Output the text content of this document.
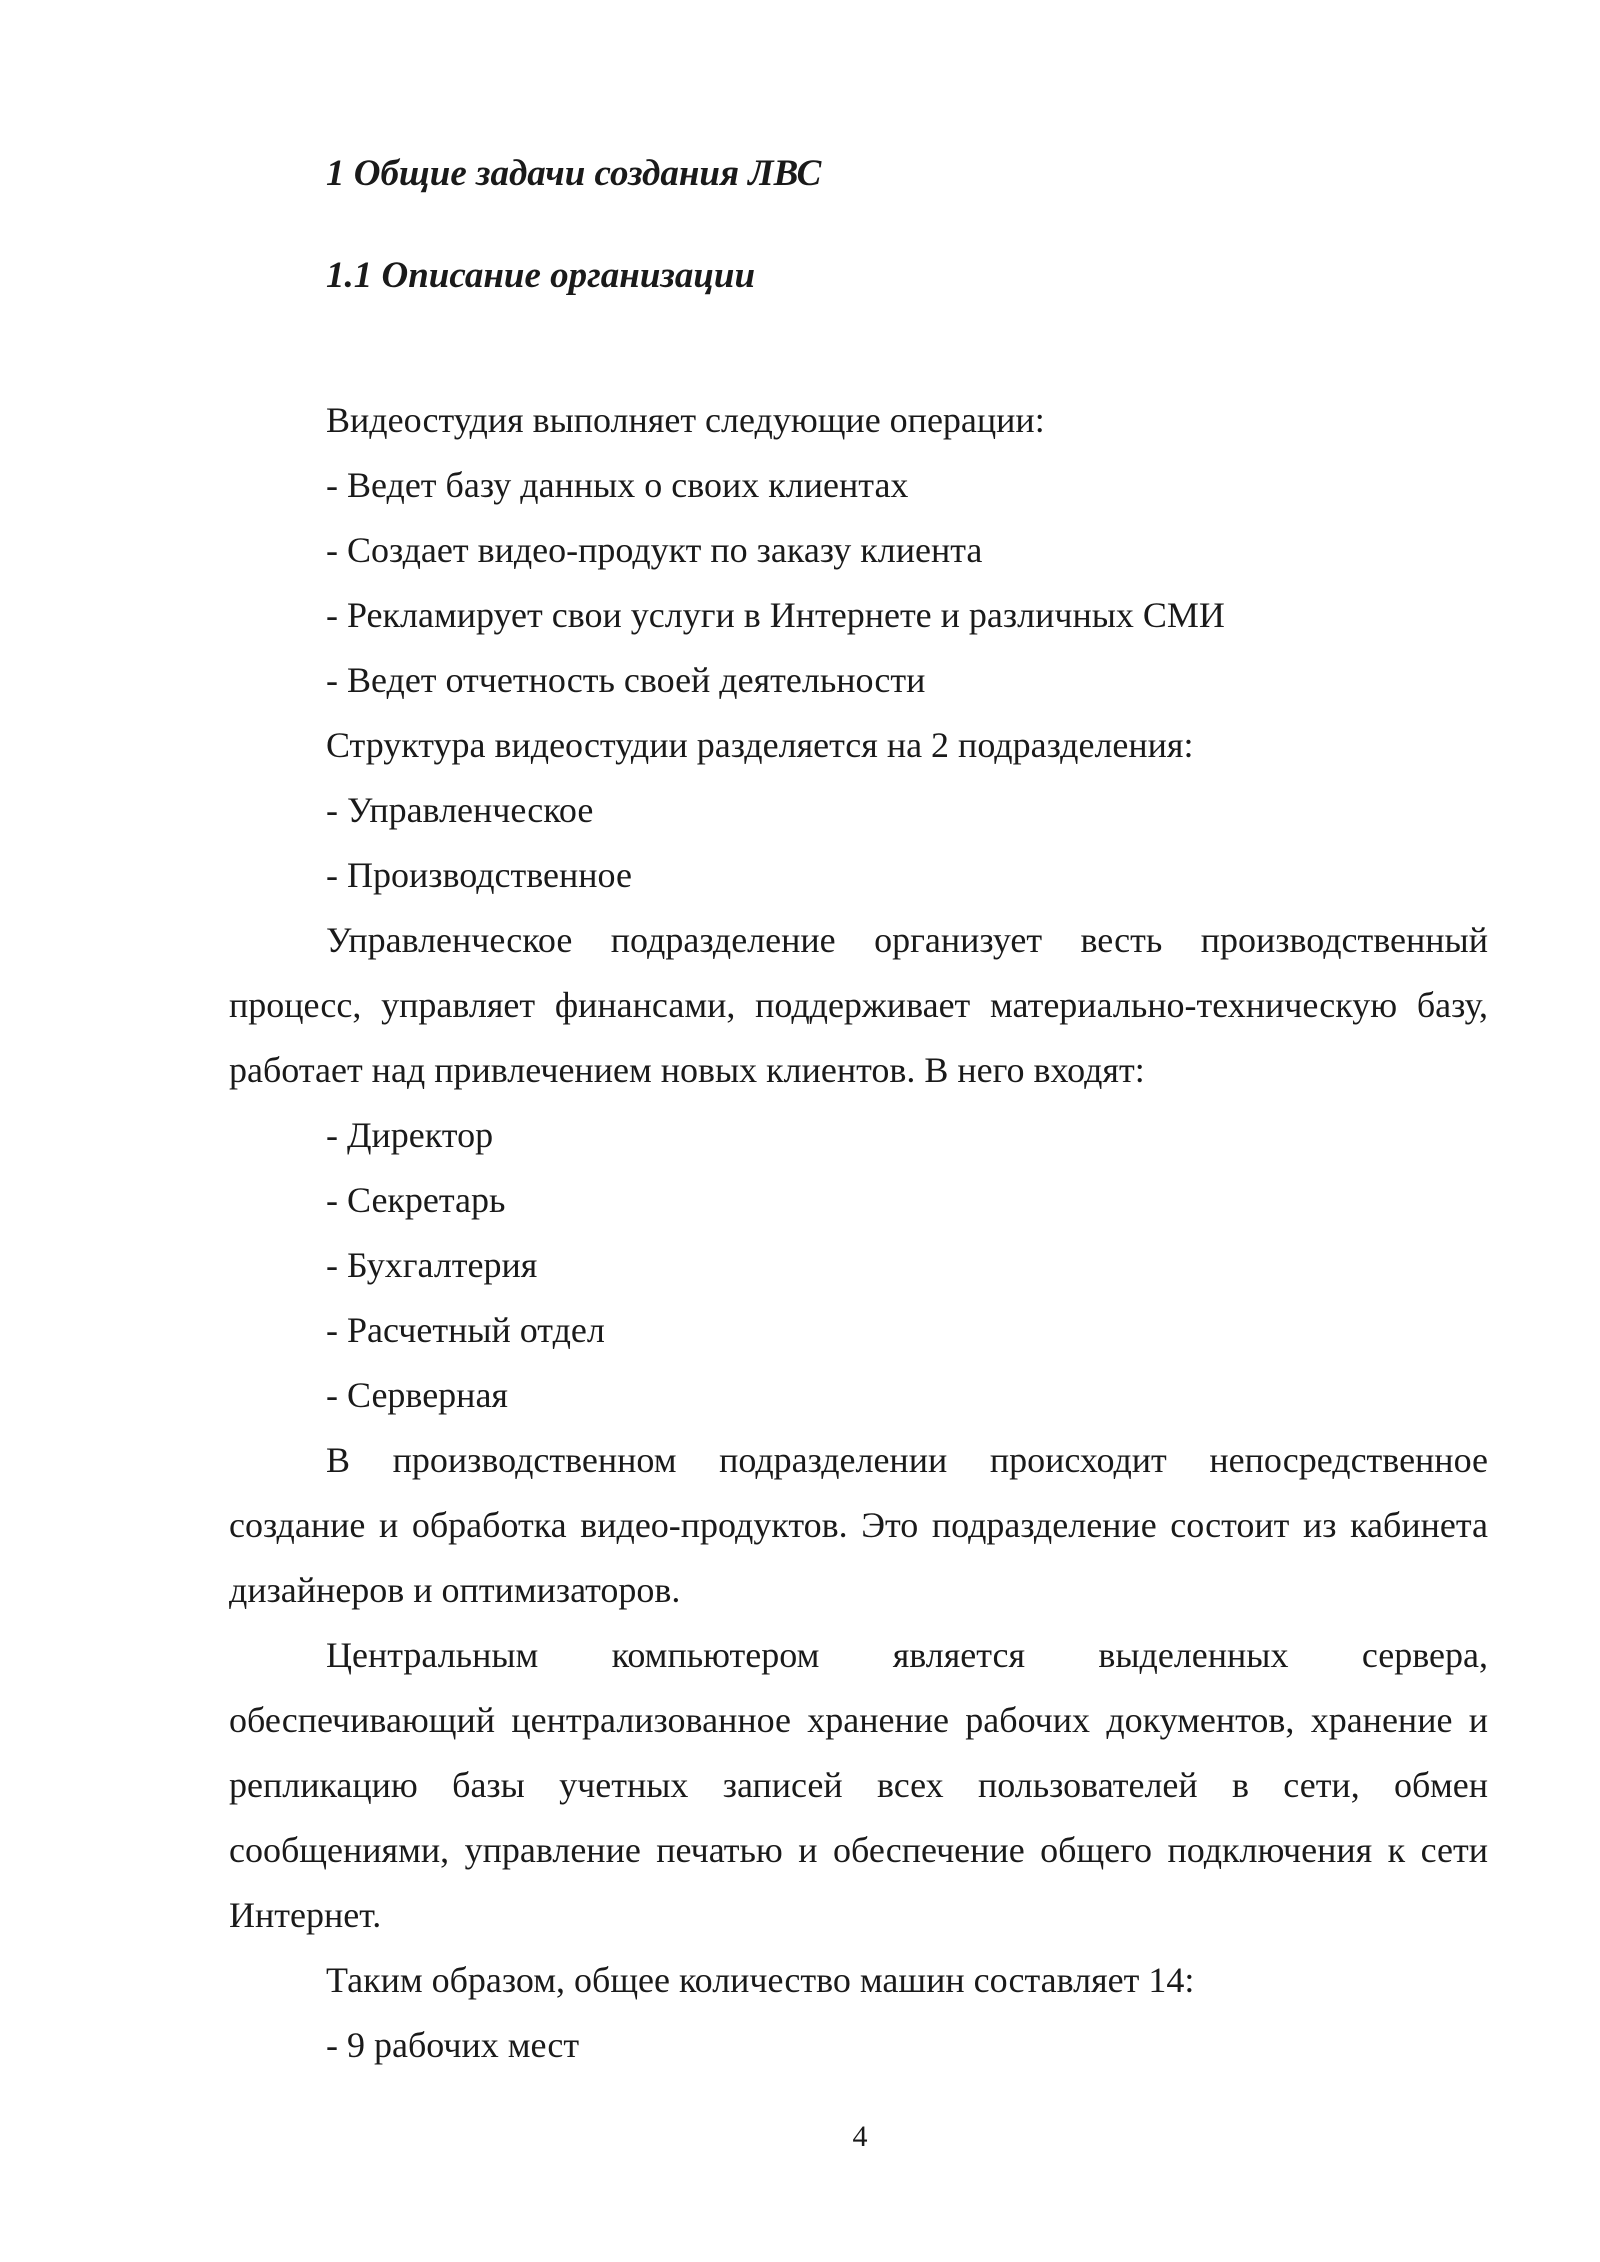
1 Общие задачи создания ЛВС
1.1 Описание организации

Видеостудия выполняет следующие операции:

- Ведет базу данных о своих клиентах

- Создает видео-продукт по заказу клиента

- Рекламирует свои услуги в Интернете и различных СМИ

- Ведет отчетность своей деятельности

Структура видеостудии разделяется на 2 подразделения:

- Управленческое

- Производственное

Управленческое подразделение организует весть производственный процесс, управляет финансами, поддерживает материально-техническую базу, работает над привлечением новых клиентов. В него входят:

- Директор

- Секретарь

- Бухгалтерия

- Расчетный отдел

- Серверная

В производственном подразделении происходит непосредственное создание и обработка видео-продуктов. Это подразделение состоит из кабинета дизайнеров и оптимизаторов.

Центральным компьютером является выделенных сервера, обеспечивающий централизованное хранение рабочих документов, хранение и репликацию базы учетных записей всех пользователей в сети, обмен сообщениями, управление печатью и обеспечение общего подключения к сети Интернет.

Таким образом, общее количество машин составляет 14:

- 9 рабочих мест

4
